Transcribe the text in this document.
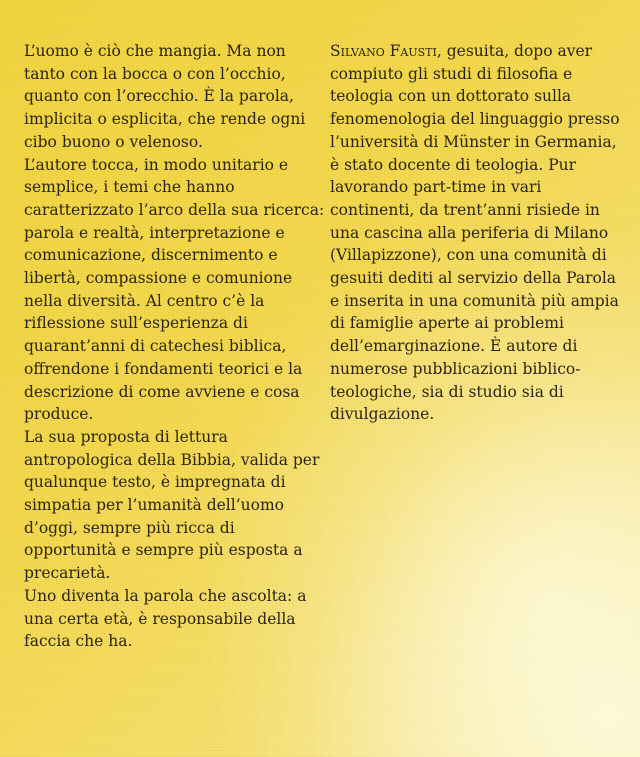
L’uomo è ciò che mangia. Ma non tanto con la bocca o con l’occhio, quanto con l’orecchio. È la parola, implicita o esplicita, che rende ogni cibo buono o velenoso.

L’autore tocca, in modo unitario e semplice, i temi che hanno caratterizzato l’arco della sua ricerca: parola e realtà, interpretazione e comunicazione, discernimento e libertà, compassione e comunione nella diversità. Al centro c’è la riflessione sull’esperienza di quarant’anni di catechesi biblica, offrendone i fondamenti teorici e la descrizione di come avviene e cosa produce.

La sua proposta di lettura antropologica della Bibbia, valida per qualunque testo, è impregnata di simpatia per l’umanità dell’uomo d’oggi, sempre più ricca di opportunità e sempre più esposta a precarietà.

Uno diventa la parola che ascolta: a una certa età, è responsabile della faccia che ha.

Silvano Fausti, gesuita, dopo aver compiuto gli studi di filosofia e teologia con un dottorato sulla fenomenologia del linguaggio presso l’università di Münster in Germania, è stato docente di teologia. Pur lavorando part-time in vari continenti, da trent’anni risiede in una cascina alla periferia di Milano (Villapizzone), con una comunità di gesuiti dediti al servizio della Parola e inserita in una comunità più ampia di famiglie aperte ai problemi dell’emarginazione. È autore di numerose pubblicazioni biblico-teologiche, sia di studio sia di divulgazione.
